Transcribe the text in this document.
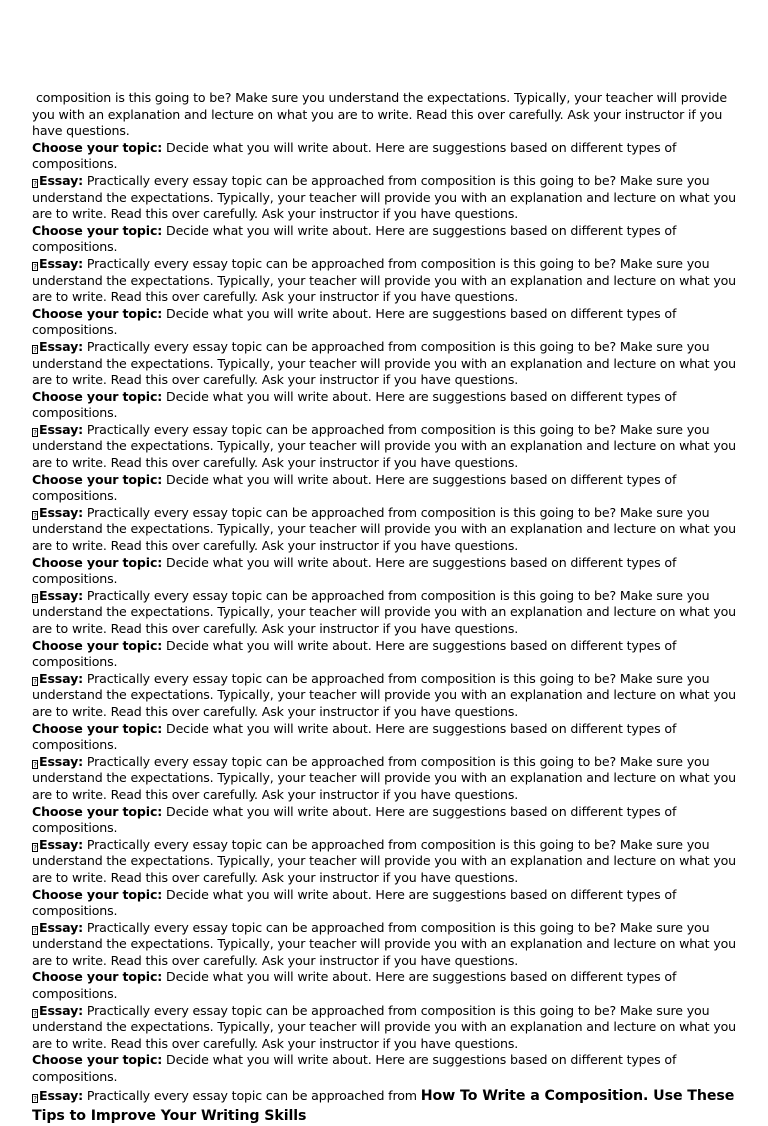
composition is this going to be? Make sure you understand the expectations. Typically, your teacher will provide you with an explanation and lecture on what you are to write. Read this over carefully. Ask your instructor if you have questions.

Choose your topic: Decide what you will write about. Here are suggestions based on different types of compositions.

? Essay: Practically every essay topic can be approached from composition is this going to be? Make sure you understand the expectations. Typically, your teacher will provide you with an explanation and lecture on what you are to write. Read this over carefully. Ask your instructor if you have questions.

Choose your topic: Decide what you will write about. Here are suggestions based on different types of compositions.

? Essay: Practically every essay topic can be approached from composition is this going to be? Make sure you understand the expectations. Typically, your teacher will provide you with an explanation and lecture on what you are to write. Read this over carefully. Ask your instructor if you have questions.

Choose your topic: Decide what you will write about. Here are suggestions based on different types of compositions.

? Essay: Practically every essay topic can be approached from composition is this going to be? Make sure you understand the expectations. Typically, your teacher will provide you with an explanation and lecture on what you are to write. Read this over carefully. Ask your instructor if you have questions.

Choose your topic: Decide what you will write about. Here are suggestions based on different types of compositions.

? Essay: Practically every essay topic can be approached from composition is this going to be? Make sure you understand the expectations. Typically, your teacher will provide you with an explanation and lecture on what you are to write. Read this over carefully. Ask your instructor if you have questions.

Choose your topic: Decide what you will write about. Here are suggestions based on different types of compositions.

? Essay: Practically every essay topic can be approached from composition is this going to be? Make sure you understand the expectations. Typically, your teacher will provide you with an explanation and lecture on what you are to write. Read this over carefully. Ask your instructor if you have questions.

Choose your topic: Decide what you will write about. Here are suggestions based on different types of compositions.

? Essay: Practically every essay topic can be approached from composition is this going to be? Make sure you understand the expectations. Typically, your teacher will provide you with an explanation and lecture on what you are to write. Read this over carefully. Ask your instructor if you have questions.

Choose your topic: Decide what you will write about. Here are suggestions based on different types of compositions.

? Essay: Practically every essay topic can be approached from composition is this going to be? Make sure you understand the expectations. Typically, your teacher will provide you with an explanation and lecture on what you are to write. Read this over carefully. Ask your instructor if you have questions.

Choose your topic: Decide what you will write about. Here are suggestions based on different types of compositions.

? Essay: Practically every essay topic can be approached from composition is this going to be? Make sure you understand the expectations. Typically, your teacher will provide you with an explanation and lecture on what you are to write. Read this over carefully. Ask your instructor if you have questions.

Choose your topic: Decide what you will write about. Here are suggestions based on different types of compositions.

? Essay: Practically every essay topic can be approached from composition is this going to be? Make sure you understand the expectations. Typically, your teacher will provide you with an explanation and lecture on what you are to write. Read this over carefully. Ask your instructor if you have questions.

Choose your topic: Decide what you will write about. Here are suggestions based on different types of compositions.

? Essay: Practically every essay topic can be approached from composition is this going to be? Make sure you understand the expectations. Typically, your teacher will provide you with an explanation and lecture on what you are to write. Read this over carefully. Ask your instructor if you have questions.

Choose your topic: Decide what you will write about. Here are suggestions based on different types of compositions.

? Essay: Practically every essay topic can be approached from composition is this going to be? Make sure you understand the expectations. Typically, your teacher will provide you with an explanation and lecture on what you are to write. Read this over carefully. Ask your instructor if you have questions.

Choose your topic: Decide what you will write about. Here are suggestions based on different types of compositions.

? Essay: Practically every essay topic can be approached from How To Write a Composition. Use These Tips to Improve Your Writing Skills
